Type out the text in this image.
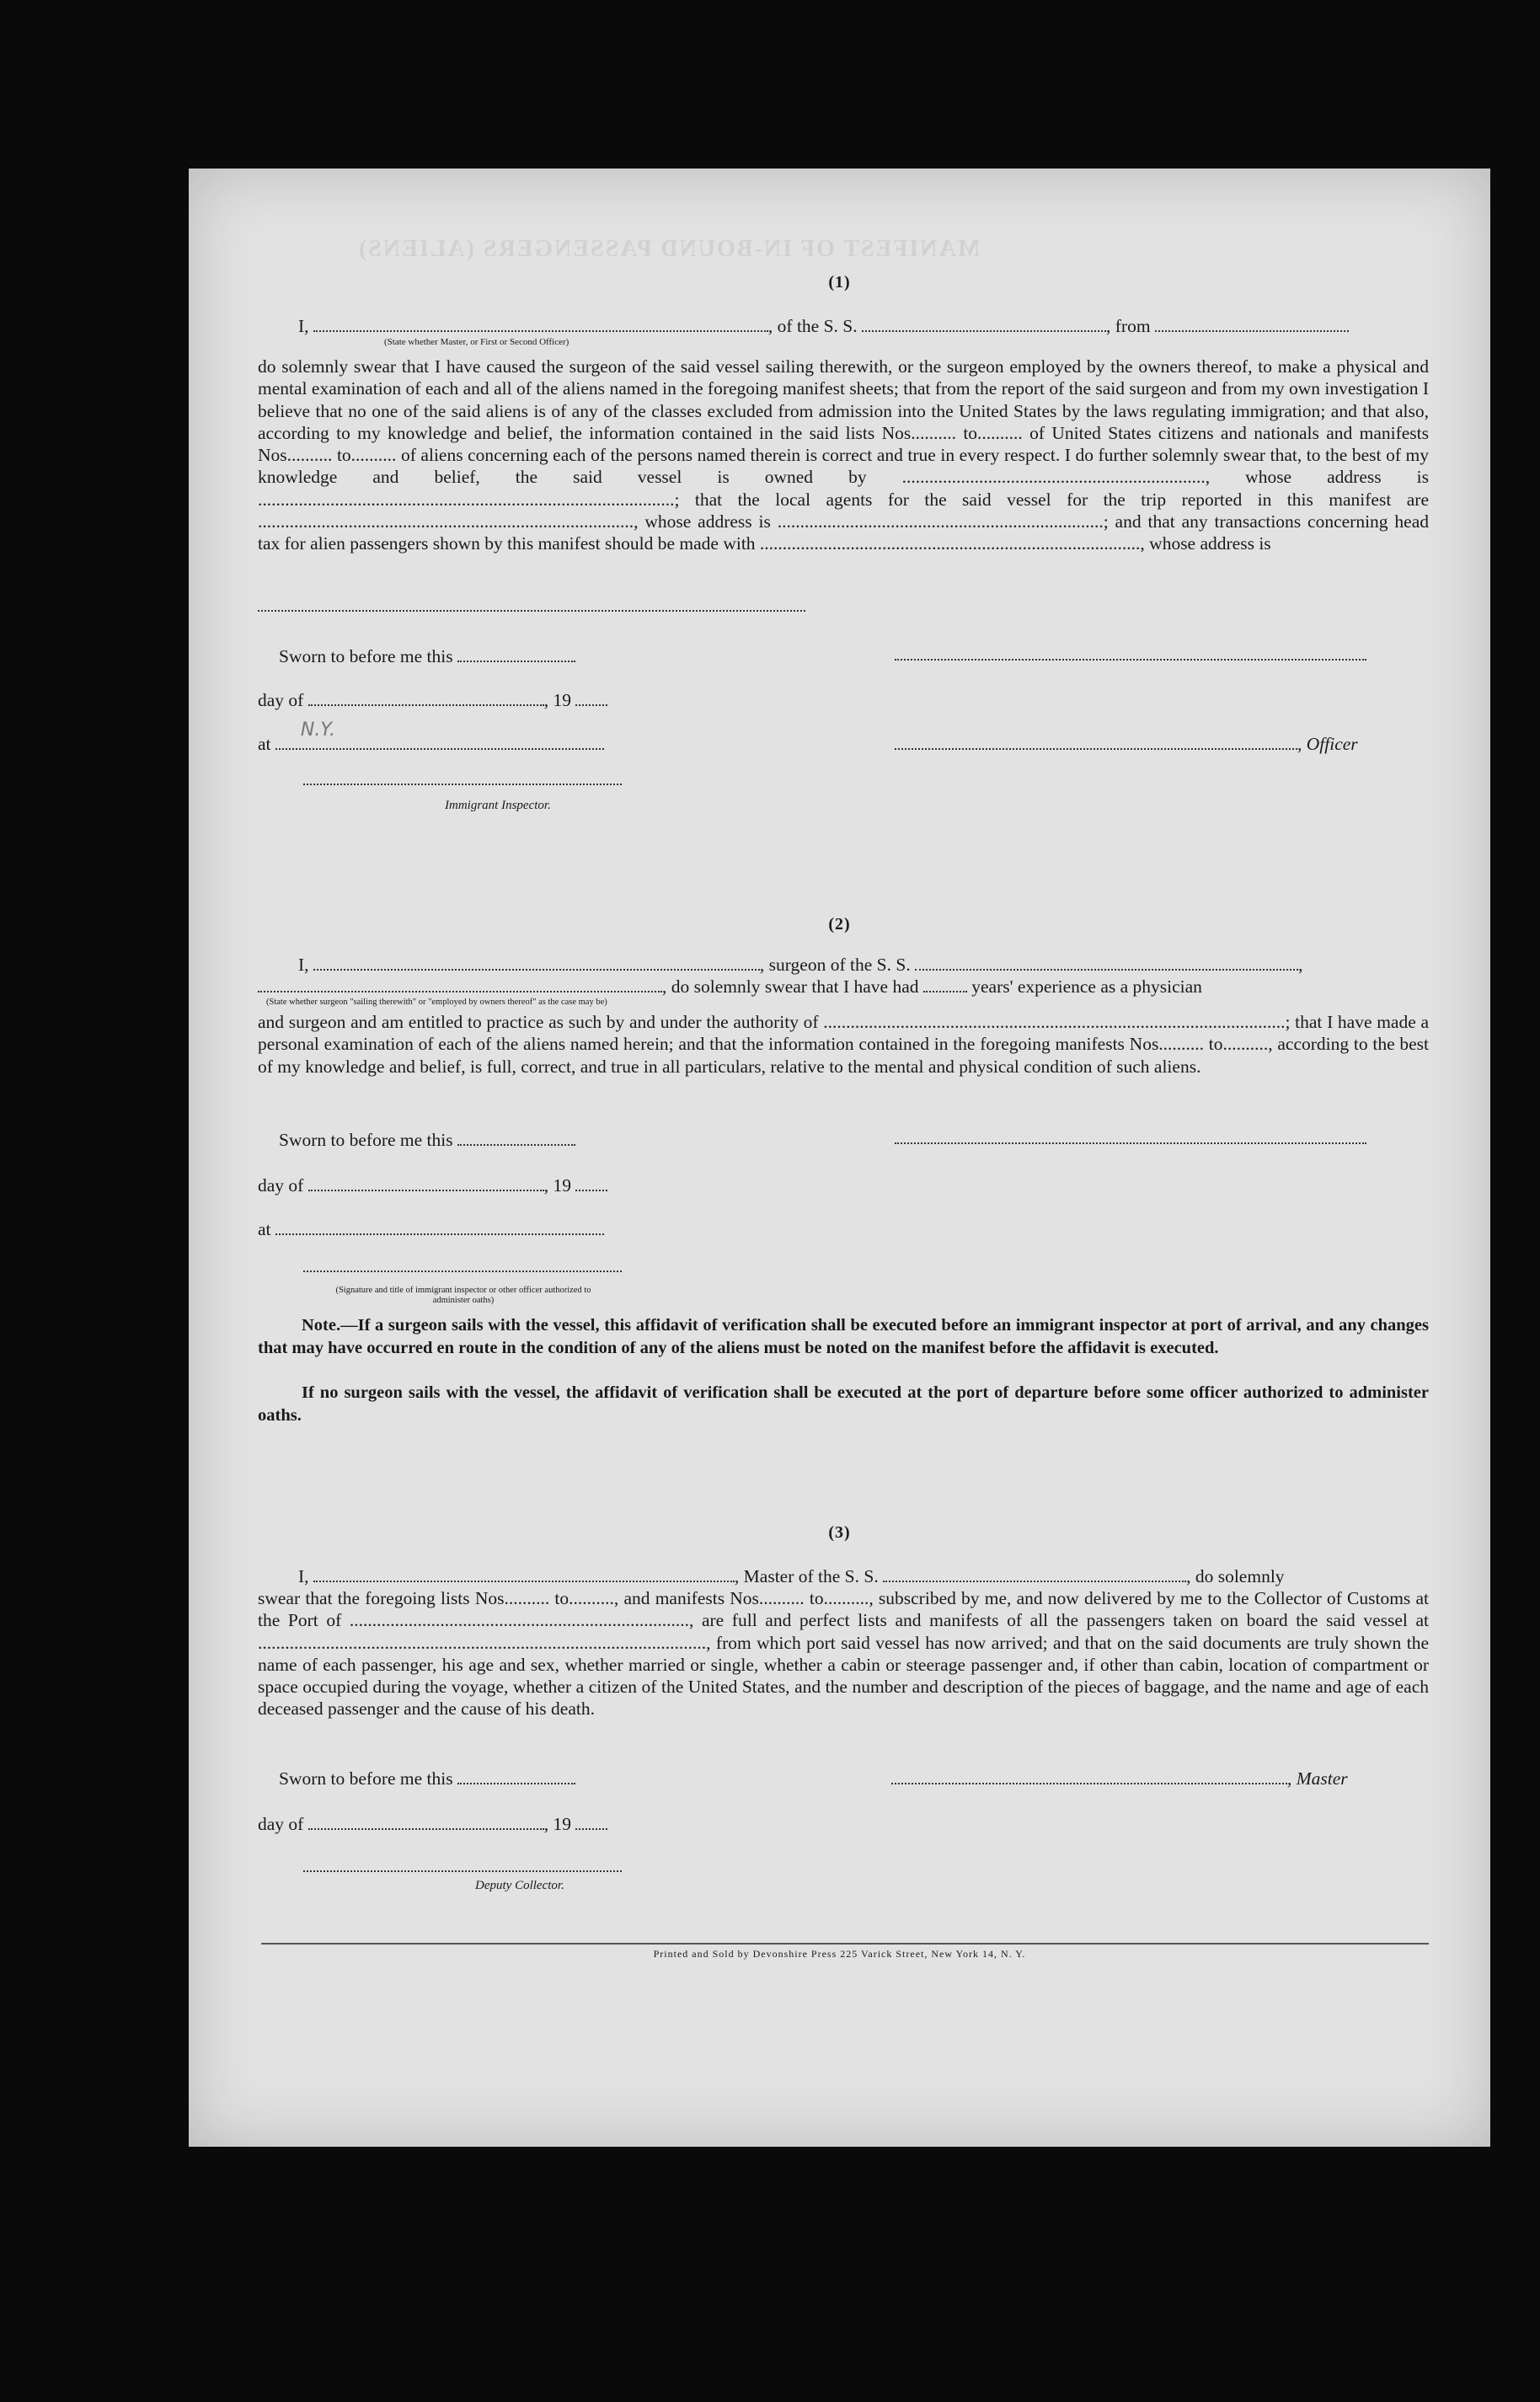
MANIFEST OF IN-BOUND PASSENGERS (ALIENS)
(1)
I,	, of the S. S.	, from
(State whether Master, or First or Second Officer)
do solemnly swear that I have caused the surgeon of the said vessel sailing therewith, or the surgeon employed by the owners thereof, to make a physical and mental examination of each and all of the aliens named in the foregoing manifest sheets; that from the report of the said surgeon and from my own investigation I believe that no one of the said aliens is of any of the classes excluded from admission into the United States by the laws regulating immigration; and that also, according to my knowledge and belief, the information contained in the said lists Nos.......... to.......... of United States citizens and nationals and manifests Nos.......... to.......... of aliens concerning each of the persons named therein is correct and true in every respect. I do further solemnly swear that, to the best of my knowledge and belief, the said vessel is owned by ..................................................................., whose address is ............................................................................................; that the local agents for the said vessel for the trip reported in this manifest are ..................................................................................., whose address is ........................................................................; and that any transactions concerning head tax for alien passengers shown by this manifest should be made with ...................................................................................., whose address is
Sworn to before me this
day of	, 19
at
N.Y.
, Officer
Immigrant Inspector.
(2)
I,	, surgeon of the S. S.	,
, do solemnly swear that I have had	years' experience as a physician
(State whether surgeon "sailing therewith" or "employed by owners thereof" as the case may be)
and surgeon and am entitled to practice as such by and under the authority of ......................................................................................................; that I have made a personal examination of each of the aliens named herein; and that the information contained in the foregoing manifests Nos.......... to.........., according to the best of my knowledge and belief, is full, correct, and true in all particulars, relative to the mental and physical condition of such aliens.
Sworn to before me this
day of	, 19
at
(Signature and title of immigrant inspector or other officer authorized to administer oaths)
Note.—If a surgeon sails with the vessel, this affidavit of verification shall be executed before an immigrant inspector at port of arrival, and any changes that may have occurred en route in the condition of any of the aliens must be noted on the manifest before the affidavit is executed.
If no surgeon sails with the vessel, the affidavit of verification shall be executed at the port of departure before some officer authorized to administer oaths.
(3)
I,	, Master of the S. S.	, do solemnly
swear that the foregoing lists Nos.......... to.........., and manifests Nos.......... to.........., subscribed by me, and now delivered by me to the Collector of Customs at the Port of ..........................................................................., are full and perfect lists and manifests of all the passengers taken on board the said vessel at ..................................................................................................., from which port said vessel has now arrived; and that on the said documents are truly shown the name of each passenger, his age and sex, whether married or single, whether a cabin or steerage passenger and, if other than cabin, location of compartment or space occupied during the voyage, whether a citizen of the United States, and the number and description of the pieces of baggage, and the name and age of each deceased passenger and the cause of his death.
Sworn to before me this	, Master
day of	, 19
Deputy Collector.
Printed and Sold by Devonshire Press 225 Varick Street, New York 14, N. Y.
